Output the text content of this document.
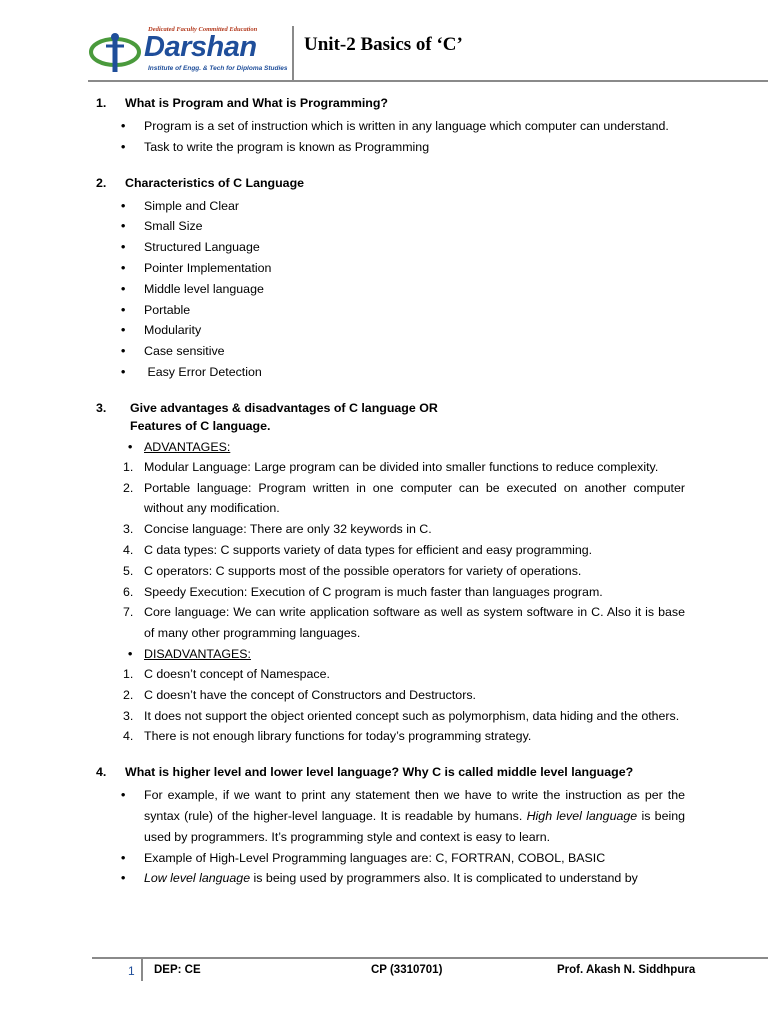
Dedicated Faculty Committed Education
Darshan
Institute of Engg. & Tech for Diploma Studies
Unit-2 Basics of ‘C’
1. What is Program and What is Programming?
• Program is a set of instruction which is written in any language which computer can understand.
• Task to write the program is known as Programming
2. Characteristics of C Language
• Simple and Clear
• Small Size
• Structured Language
• Pointer Implementation
• Middle level language
• Portable
• Modularity
• Case sensitive
•  Easy Error Detection
3. Give advantages & disadvantages of C language OR
Features of C language.
• ADVANTAGES:
1. Modular Language: Large program can be divided into smaller functions to reduce complexity.
2. Portable language: Program written in one computer can be executed on another computer without any modification.
3. Concise language: There are only 32 keywords in C.
4. C data types: C supports variety of data types for efficient and easy programming.
5. C operators: C supports most of the possible operators for variety of operations.
6. Speedy Execution: Execution of C program is much faster than languages program.
7. Core language: We can write application software as well as system software in C. Also it is base of many other programming languages.
• DISADVANTAGES:
1. C doesn’t concept of Namespace.
2. C doesn’t have the concept of Constructors and Destructors.
3. It does not support the object oriented concept such as polymorphism, data hiding and the others.
4. There is not enough library functions for today’s programming strategy.
4. What is higher level and lower level language? Why C is called middle level language?
• For example, if we want to print any statement then we have to write the instruction as per the syntax (rule) of the higher-level language. It is readable by humans. High level language is being used by programmers. It’s programming style and context is easy to learn.
• Example of High-Level Programming languages are: C, FORTRAN, COBOL, BASIC
• Low level language is being used by programmers also. It is complicated to understand by
1 DEP: CE	CP (3310701)	Prof. Akash N. Siddhpura
